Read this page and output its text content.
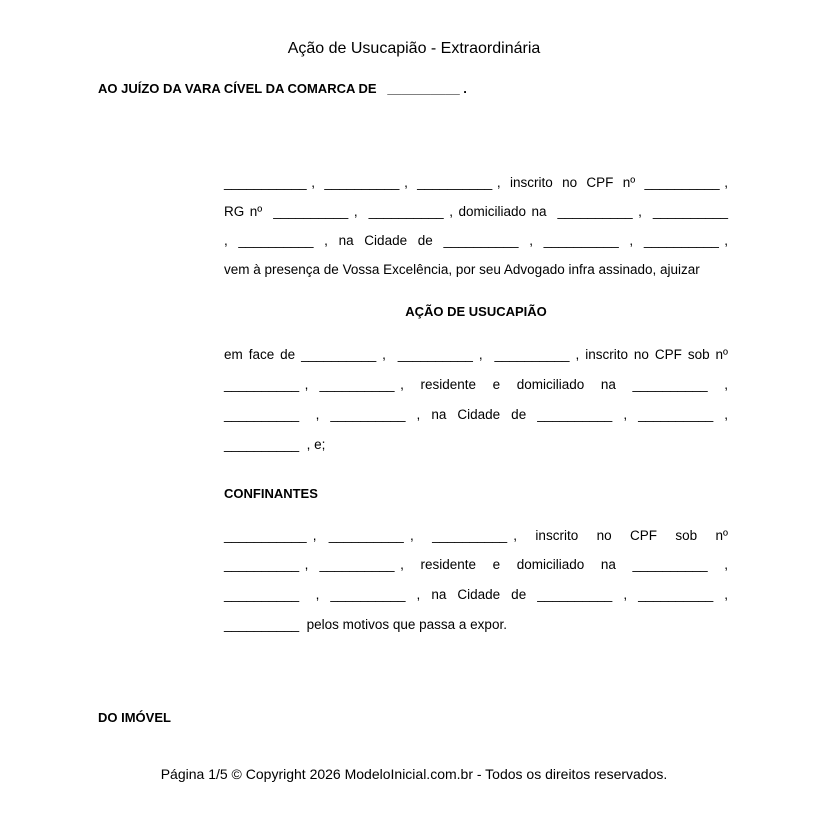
Ação de Usucapião - Extraordinária
AO JUÍZO DA VARA CÍVEL DA COMARCA DE   __________ .
___________ ,  __________ ,  __________ ,  inscrito  no  CPF  nº  __________ ,
RG nº  __________ ,  __________ , domiciliado na  __________ ,  __________
,  __________  ,  na  Cidade  de  __________  ,  __________  ,  __________ ,
vem à presença de Vossa Excelência, por seu Advogado infra assinado, ajuizar
AÇÃO DE USUCAPIÃO
em face de __________ ,  __________ ,  __________ , inscrito no CPF sob nº
__________ ,  __________ ,   residente   e   domiciliado   na   __________   ,
__________   ,  __________  ,  na  Cidade  de  __________  ,  __________  ,
__________  , e;
CONFINANTES
___________ ,  __________ ,   __________ ,   inscrito   no   CPF   sob   nº
__________ ,  __________ ,   residente   e   domiciliado   na   __________   ,
__________   ,  __________  ,  na  Cidade  de  __________  ,  __________  ,
__________  pelos motivos que passa a expor.
DO IMÓVEL
Página 1/5 © Copyright 2026 ModeloInicial.com.br - Todos os direitos reservados.
